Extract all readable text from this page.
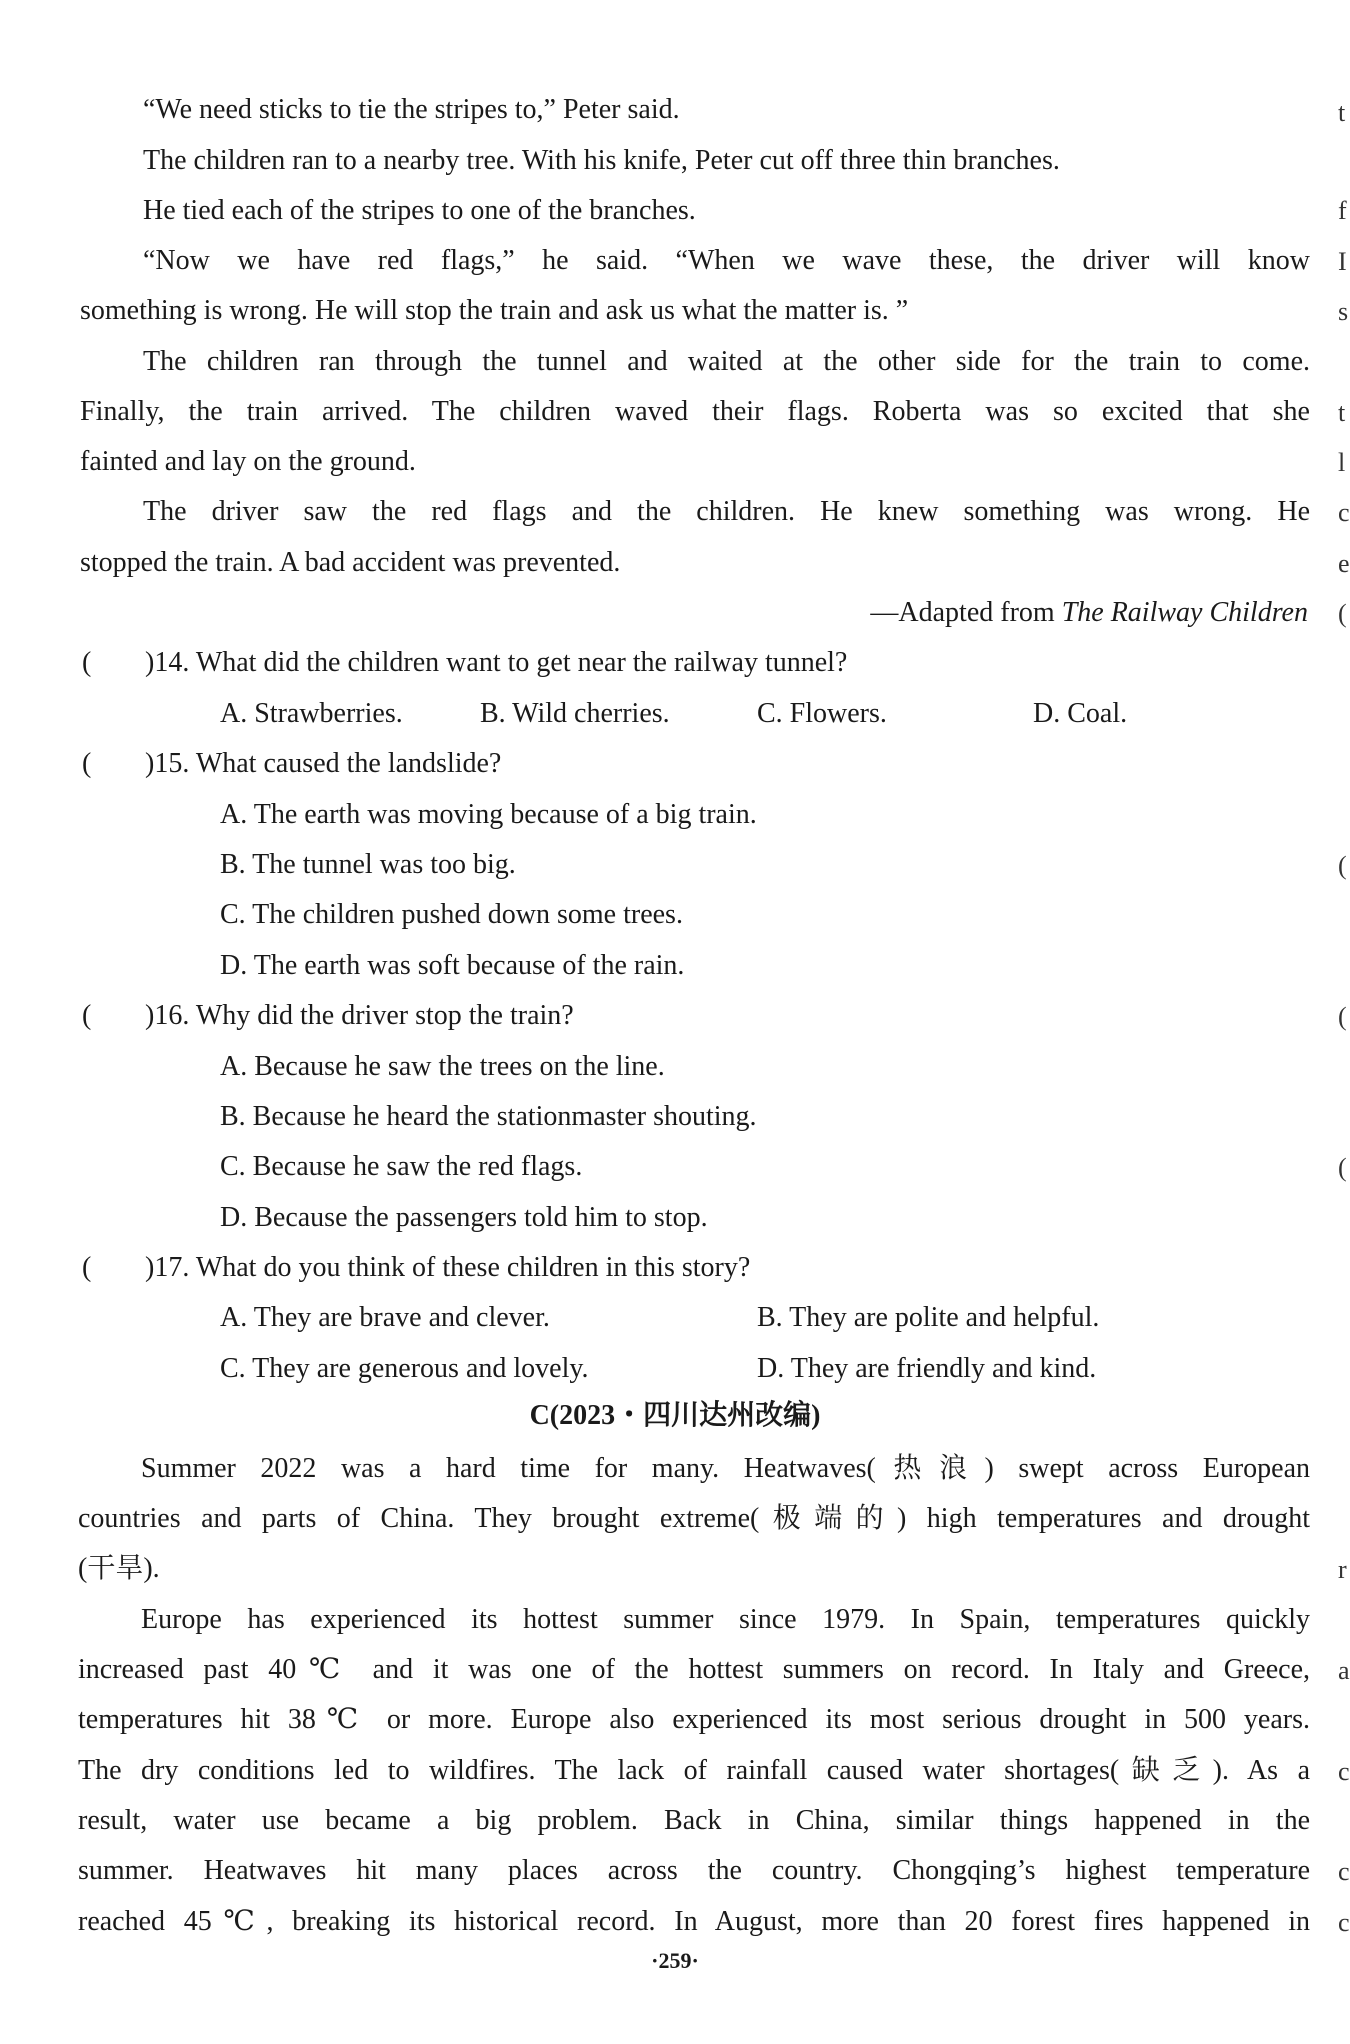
“We need sticks to tie the stripes to,” Peter said.
The children ran to a nearby tree. With his knife, Peter cut off three thin branches.
He tied each of the stripes to one of the branches.
“Now we have red flags,” he said. “When we wave these, the driver will know
something is wrong. He will stop the train and ask us what the matter is. ”
The children ran through the tunnel and waited at the other side for the train to come.
Finally, the train arrived. The children waved their flags. Roberta was so excited that she
fainted and lay on the ground.
The driver saw the red flags and the children. He knew something was wrong. He
stopped the train. A bad accident was prevented.
—Adapted from The Railway Children
( )14. What did the children want to get near the railway tunnel?
A. Strawberries.	B. Wild cherries.	C. Flowers.	D. Coal.
( )15. What caused the landslide?
A. The earth was moving because of a big train.
B. The tunnel was too big.
C. The children pushed down some trees.
D. The earth was soft because of the rain.
( )16. Why did the driver stop the train?
A. Because he saw the trees on the line.
B. Because he heard the stationmaster shouting.
C. Because he saw the red flags.
D. Because the passengers told him to stop.
( )17. What do you think of these children in this story?
A. They are brave and clever.	B. They are polite and helpful.
C. They are generous and lovely.	D. They are friendly and kind.
C(2023・四川达州改编)
Summer 2022 was a hard time for many. Heatwaves(热浪) swept across European
countries and parts of China. They brought extreme(极端的) high temperatures and drought
(干旱).
Europe has experienced its hottest summer since 1979. In Spain, temperatures quickly
increased past 40℃ and it was one of the hottest summers on record. In Italy and Greece,
temperatures hit 38℃ or more. Europe also experienced its most serious drought in 500 years.
The dry conditions led to wildfires. The lack of rainfall caused water shortages(缺乏). As a
result, water use became a big problem. Back in China, similar things happened in the
summer. Heatwaves hit many places across the country. Chongqing’s highest temperature
reached 45℃, breaking its historical record. In August, more than 20 forest fires happened in
·259·
t
f
I
s
t
l
c
e
(
(
(
(
r
a
c
c
c
